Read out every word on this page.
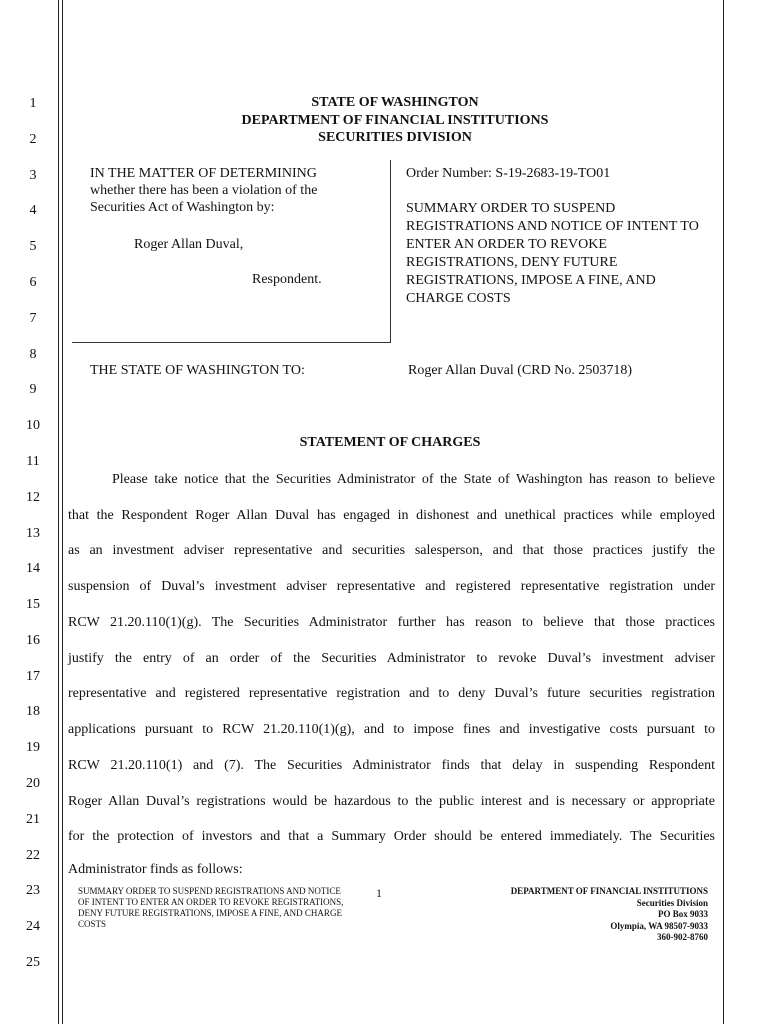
1
2
3
4
5
6
7
8
9
10
11
12
13
14
15
16
17
18
19
20
21
22
23
24
25
STATE OF WASHINGTON
DEPARTMENT OF FINANCIAL INSTITUTIONS
SECURITIES DIVISION
IN THE MATTER OF DETERMINING
whether there has been a violation of the
Securities Act of Washington by:
Roger Allan Duval,
Respondent.
Order Number: S-19-2683-19-TO01
SUMMARY ORDER TO SUSPEND REGISTRATIONS AND NOTICE OF INTENT TO ENTER AN ORDER TO REVOKE REGISTRATIONS, DENY FUTURE REGISTRATIONS, IMPOSE A FINE, AND CHARGE COSTS
THE STATE OF WASHINGTON TO:	Roger Allan Duval (CRD No. 2503718)
STATEMENT OF CHARGES
Please take notice that the Securities Administrator of the State of Washington has reason to believe
that the Respondent Roger Allan Duval has engaged in dishonest and unethical practices while employed
as an investment adviser representative and securities salesperson, and that those practices justify the
suspension of Duval’s investment adviser representative and registered representative registration under
RCW 21.20.110(1)(g). The Securities Administrator further has reason to believe that those practices
justify the entry of an order of the Securities Administrator to revoke Duval’s investment adviser
representative and registered representative registration and to deny Duval’s future securities registration
applications pursuant to RCW 21.20.110(1)(g), and to impose fines and investigative costs pursuant to
RCW 21.20.110(1) and (7). The Securities Administrator finds that delay in suspending Respondent
Roger Allan Duval’s registrations would be hazardous to the public interest and is necessary or appropriate
for the protection of investors and that a Summary Order should be entered immediately. The Securities
Administrator finds as follows:
SUMMARY ORDER TO SUSPEND REGISTRATIONS AND NOTICE OF INTENT TO ENTER AN ORDER TO REVOKE REGISTRATIONS, DENY FUTURE REGISTRATIONS, IMPOSE A FINE, AND CHARGE COSTS
1	DEPARTMENT OF FINANCIAL INSTITUTIONS
Securities Division
PO Box 9033
Olympia, WA 98507-9033
360-902-8760
